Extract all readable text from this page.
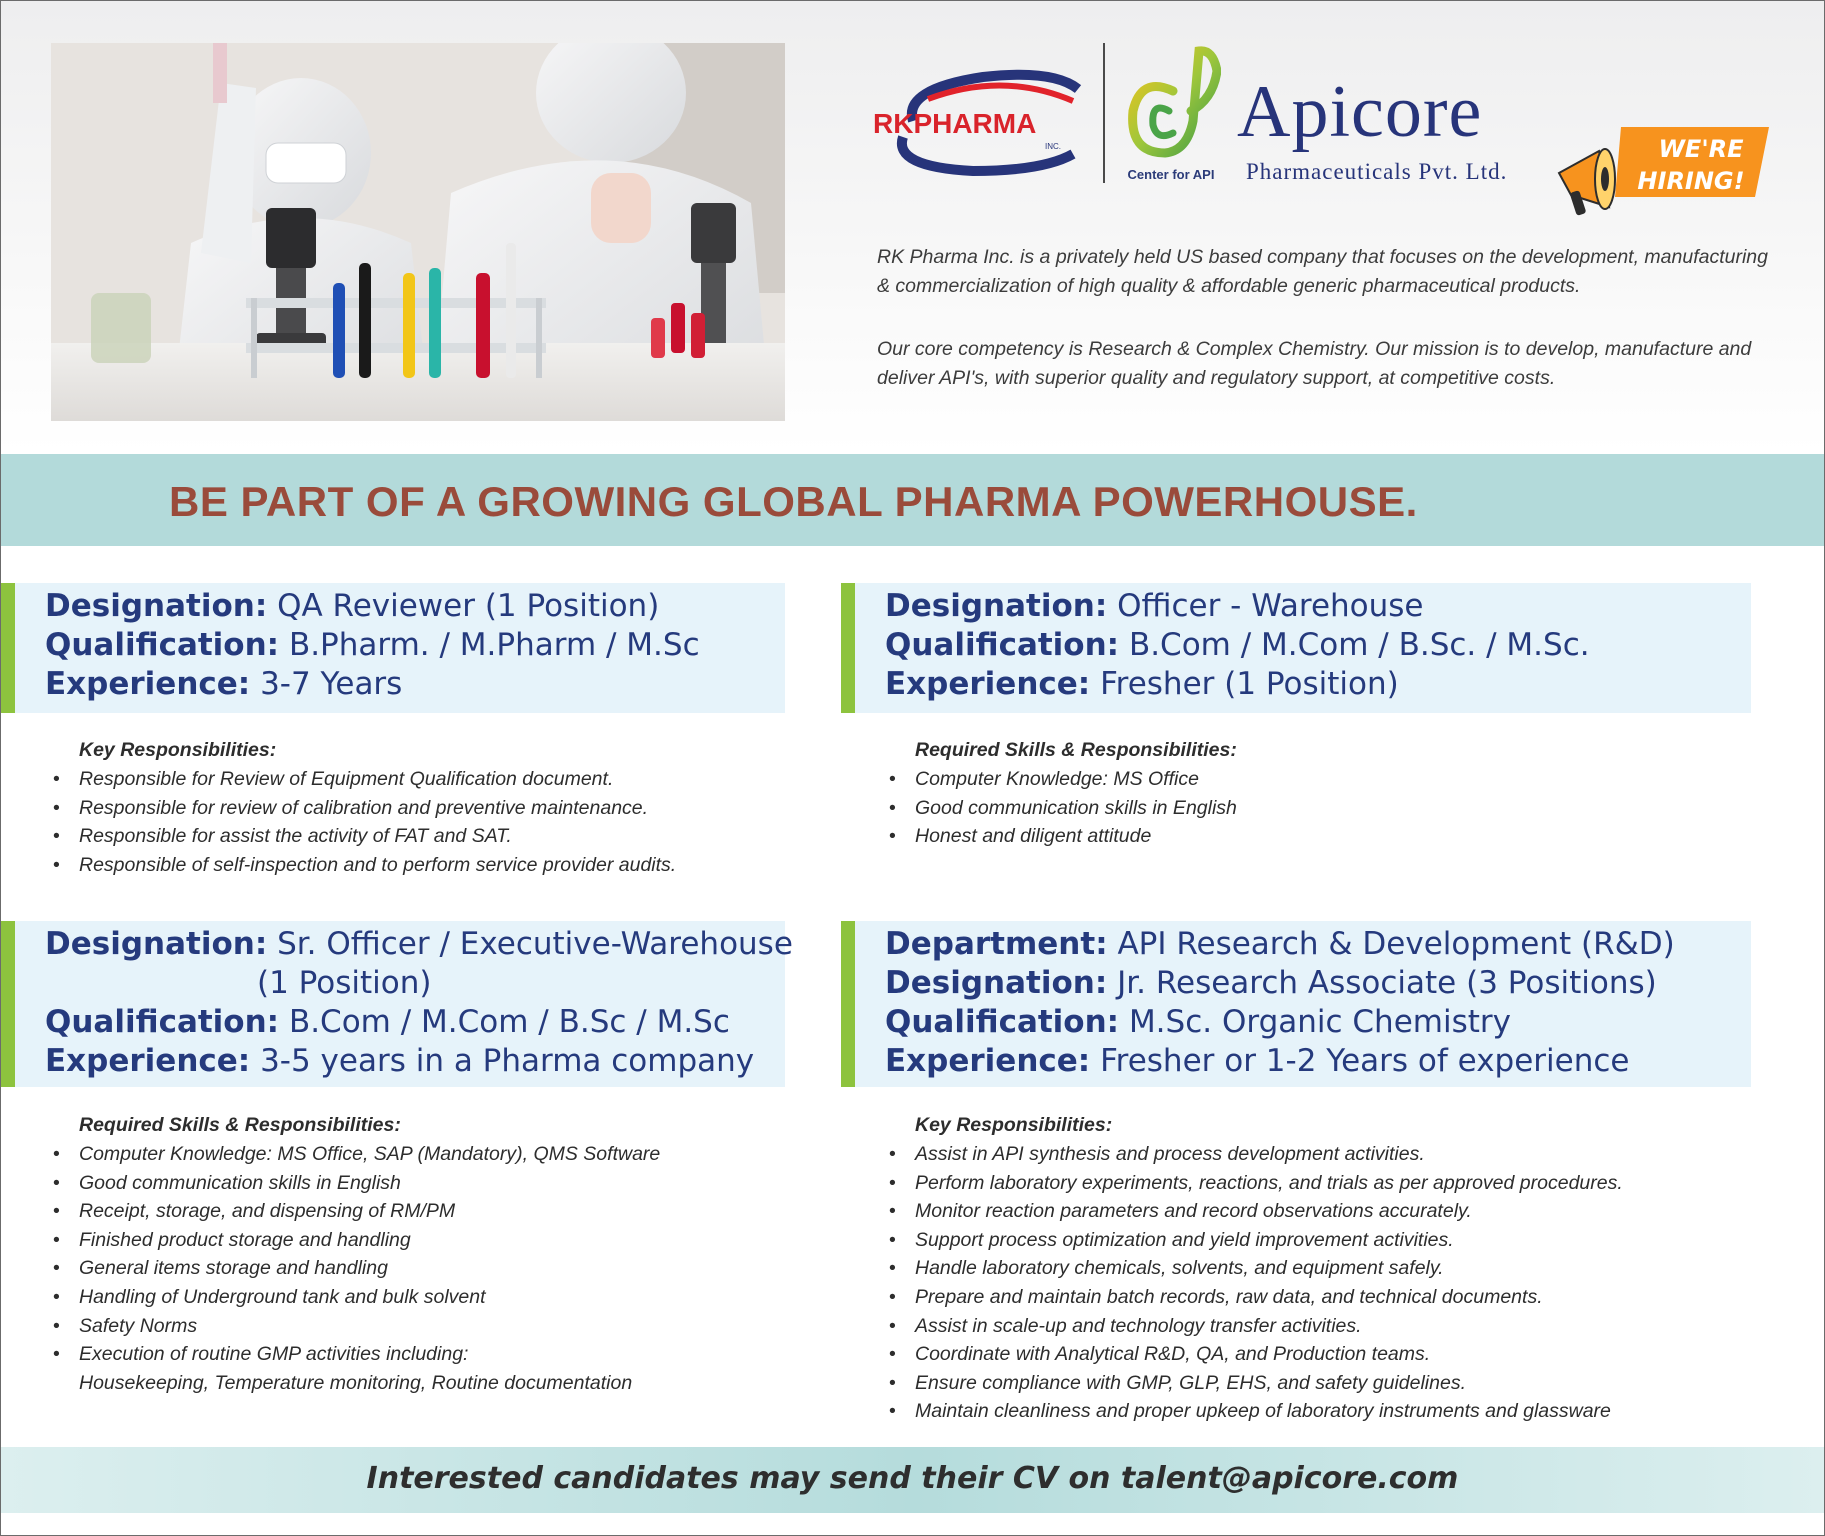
RKPHARMA
INC.
Center for API
Apicore
Pharmaceuticals Pvt. Ltd.
WE'RE
HIRING!

RK Pharma Inc. is a privately held US based company that focuses on the development, manufacturing & commercialization of high quality & affordable generic pharmaceutical products.

Our core competency is Research & Complex Chemistry. Our mission is to develop, manufacture and deliver API's, with superior quality and regulatory support, at competitive costs.

BE PART OF A GROWING GLOBAL PHARMA POWERHOUSE.
Designation: QA Reviewer (1 Position)
Qualification: B.Pharm. / M.Pharm / M.Sc
Experience: 3-7 Years
Key Responsibilities:
• Responsible for Review of Equipment Qualification document.
• Responsible for review of calibration and preventive maintenance.
• Responsible for assist the activity of FAT and SAT.
• Responsible of self-inspection and to perform service provider audits.
Designation: Officer - Warehouse
Qualification: B.Com / M.Com / B.Sc. / M.Sc.
Experience: Fresher (1 Position)
Required Skills & Responsibilities:
• Computer Knowledge: MS Office
• Good communication skills in English
• Honest and diligent attitude
Designation: Sr. Officer / Executive-Warehouse
(1 Position)
Qualification: B.Com / M.Com / B.Sc / M.Sc
Experience: 3-5 years in a Pharma company
Required Skills & Responsibilities:
• Computer Knowledge: MS Office, SAP (Mandatory), QMS Software
• Good communication skills in English
• Receipt, storage, and dispensing of RM/PM
• Finished product storage and handling
• General items storage and handling
• Handling of Underground tank and bulk solvent
• Safety Norms
• Execution of routine GMP activities including:
Housekeeping, Temperature monitoring, Routine documentation
Department: API Research & Development (R&D)
Designation: Jr. Research Associate (3 Positions)
Qualification: M.Sc. Organic Chemistry
Experience: Fresher or 1-2 Years of experience
Key Responsibilities:
• Assist in API synthesis and process development activities.
• Perform laboratory experiments, reactions, and trials as per approved procedures.
• Monitor reaction parameters and record observations accurately.
• Support process optimization and yield improvement activities.
• Handle laboratory chemicals, solvents, and equipment safely.
• Prepare and maintain batch records, raw data, and technical documents.
• Assist in scale-up and technology transfer activities.
• Coordinate with Analytical R&D, QA, and Production teams.
• Ensure compliance with GMP, GLP, EHS, and safety guidelines.
• Maintain cleanliness and proper upkeep of laboratory instruments and glassware
Interested candidates may send their CV on talent@apicore.com
